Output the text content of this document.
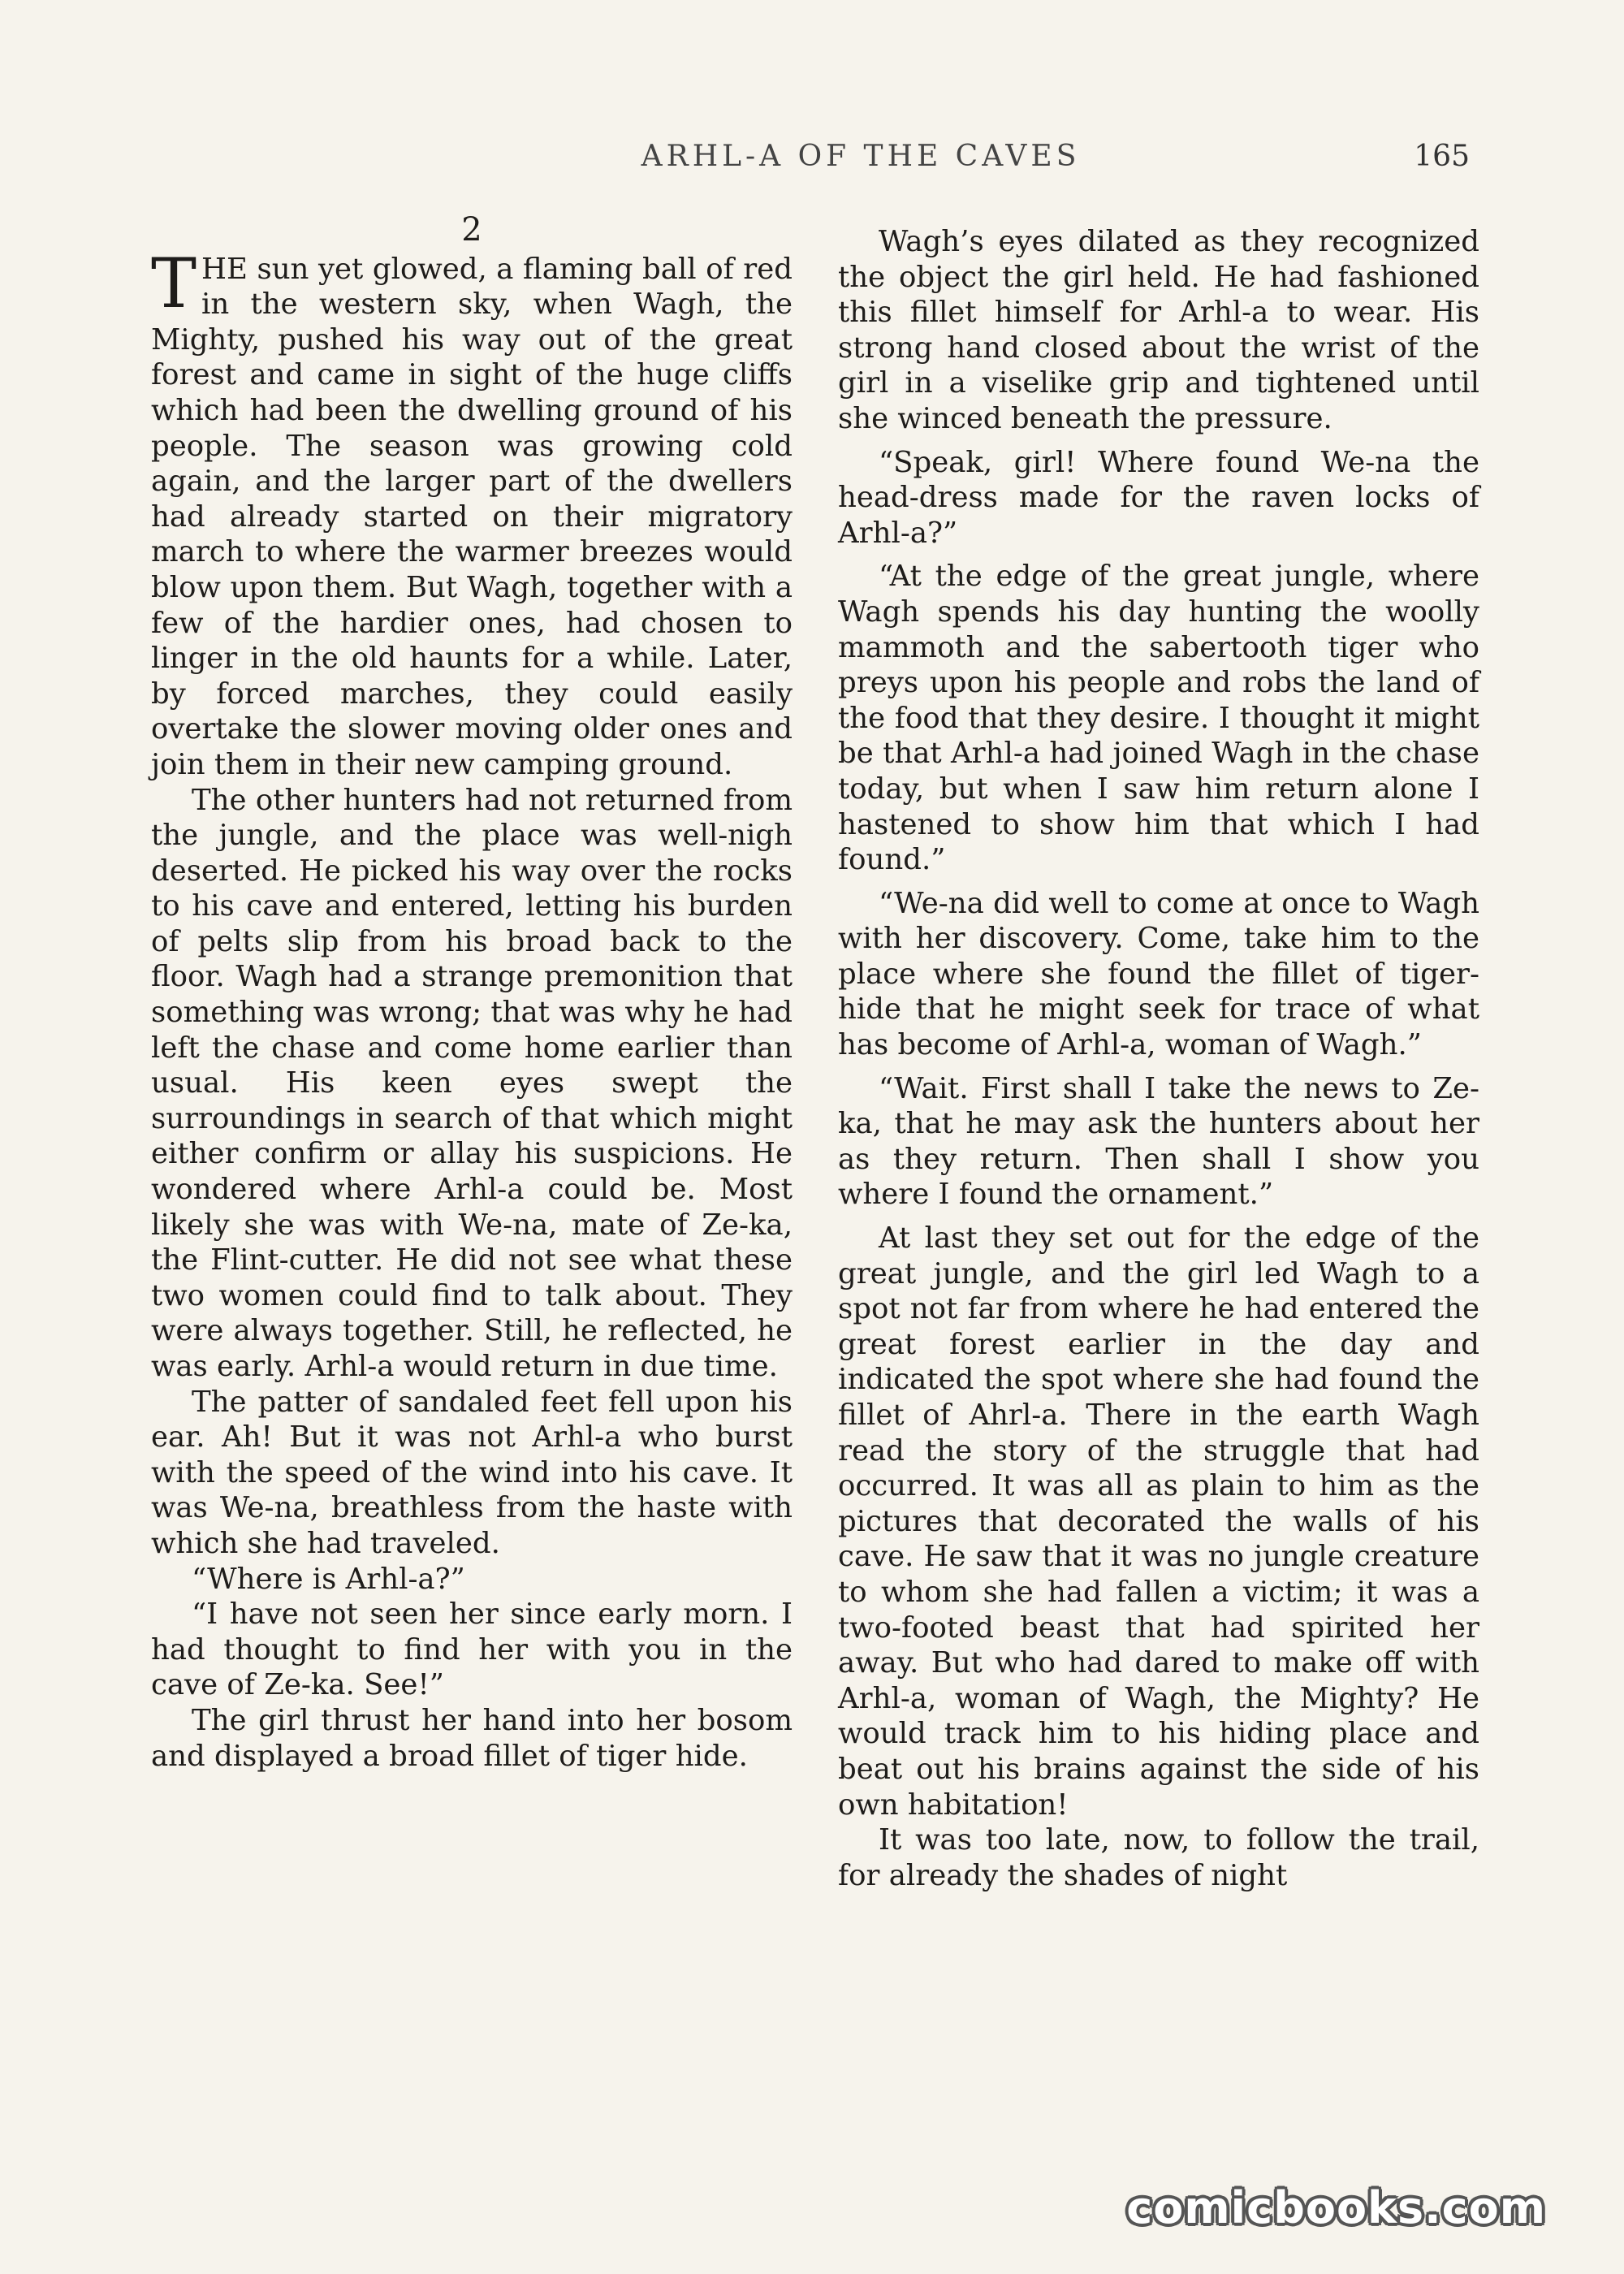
ARHL-A OF THE CAVES	165
2

THE sun yet glowed, a flaming ball of red in the western sky, when Wagh, the Mighty, pushed his way out of the great forest and came in sight of the huge cliffs which had been the dwelling ground of his people. The season was growing cold again, and the larger part of the dwellers had already started on their migratory march to where the warmer breezes would blow upon them. But Wagh, together with a few of the hardier ones, had chosen to linger in the old haunts for a while. Later, by forced marches, they could easily overtake the slower moving older ones and join them in their new camping ground.

The other hunters had not returned from the jungle, and the place was well-nigh deserted. He picked his way over the rocks to his cave and entered, letting his burden of pelts slip from his broad back to the floor. Wagh had a strange premonition that something was wrong; that was why he had left the chase and come home earlier than usual. His keen eyes swept the surroundings in search of that which might either confirm or allay his suspicions. He wondered where Arhl-a could be. Most likely she was with We-na, mate of Ze-ka, the Flint-cutter. He did not see what these two women could find to talk about. They were always together. Still, he reflected, he was early. Arhl-a would return in due time.

The patter of sandaled feet fell upon his ear. Ah! But it was not Arhl-a who burst with the speed of the wind into his cave. It was We-na, breathless from the haste with which she had traveled.

“Where is Arhl-a?”

“I have not seen her since early morn. I had thought to find her with you in the cave of Ze-ka. See!”

The girl thrust her hand into her bosom and displayed a broad fillet of tiger hide.

Wagh’s eyes dilated as they recognized the object the girl held. He had fashioned this fillet himself for Arhl-a to wear. His strong hand closed about the wrist of the girl in a viselike grip and tightened until she winced beneath the pressure.

“Speak, girl! Where found We-na the head-dress made for the raven locks of Arhl-a?”

“At the edge of the great jungle, where Wagh spends his day hunting the woolly mammoth and the sabertooth tiger who preys upon his people and robs the land of the food that they desire. I thought it might be that Arhl-a had joined Wagh in the chase today, but when I saw him return alone I hastened to show him that which I had found.”

“We-na did well to come at once to Wagh with her discovery. Come, take him to the place where she found the fillet of tiger-hide that he might seek for trace of what has become of Arhl-a, woman of Wagh.”

“Wait. First shall I take the news to Ze-ka, that he may ask the hunters about her as they return. Then shall I show you where I found the ornament.”

At last they set out for the edge of the great jungle, and the girl led Wagh to a spot not far from where he had entered the great forest earlier in the day and indicated the spot where she had found the fillet of Ahrl-a. There in the earth Wagh read the story of the struggle that had occurred. It was all as plain to him as the pictures that decorated the walls of his cave. He saw that it was no jungle creature to whom she had fallen a victim; it was a two-footed beast that had spirited her away. But who had dared to make off with Arhl-a, woman of Wagh, the Mighty? He would track him to his hiding place and beat out his brains against the side of his own habitation!

It was too late, now, to follow the trail, for already the shades of night

comicbooks.com
